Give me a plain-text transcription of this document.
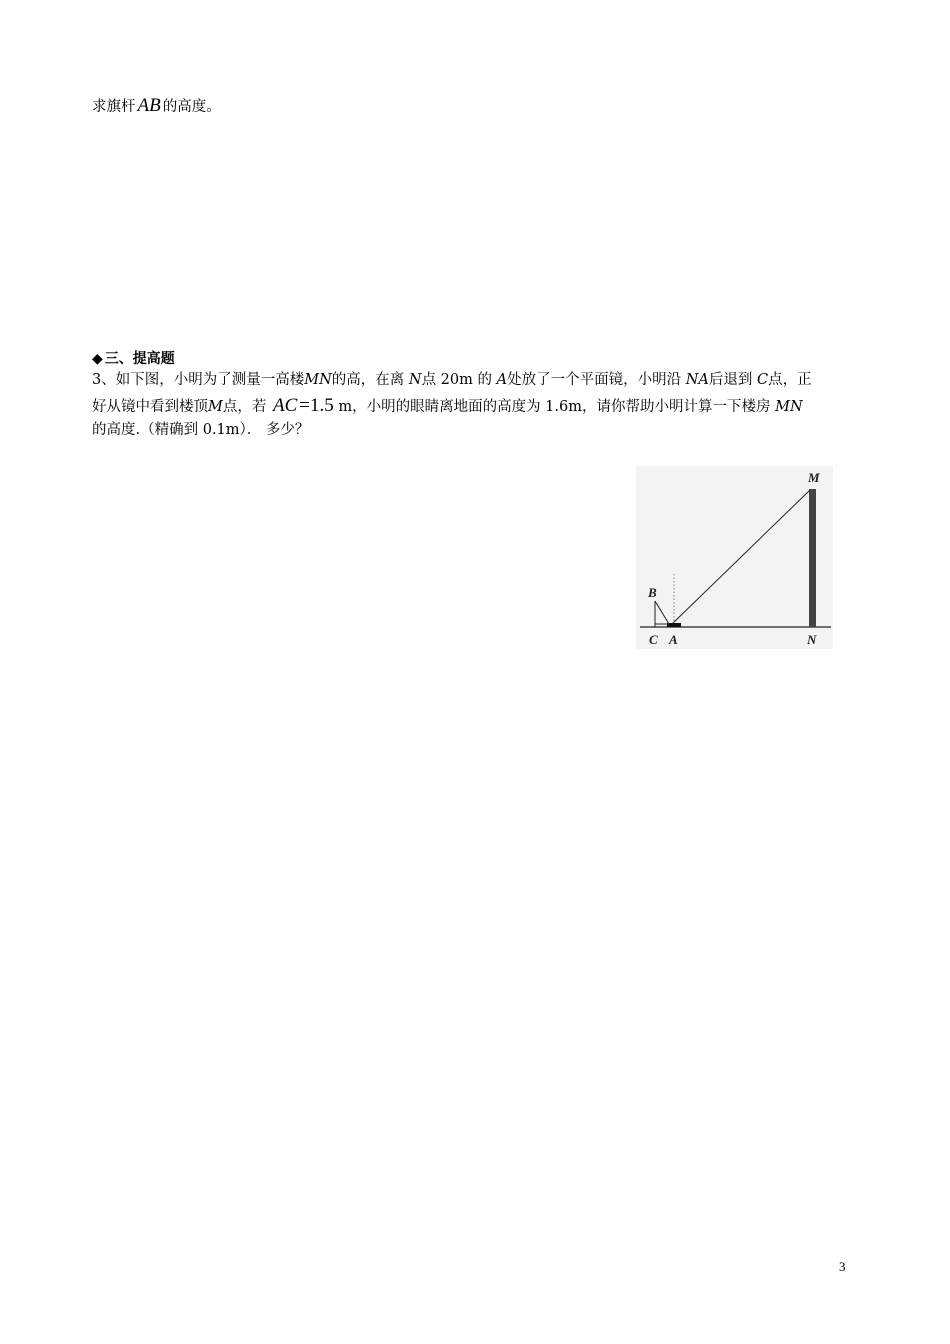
求旗杆 AB 的高度。
◆ 三、提高题
3、如下图，小明为了测量一高楼MN的高，在离 N点 20m 的 A处放了一个平面镜，小明沿 NA后退到 C点，正
好从镜中看到楼顶M点，若 AC =1.5 m，小明的眼睛离地面的高度为 1.6m，请你帮助小明计算一下楼房 MN
的高度.（精确到 0.1m）． 多少？
M
B
C A	N
3
